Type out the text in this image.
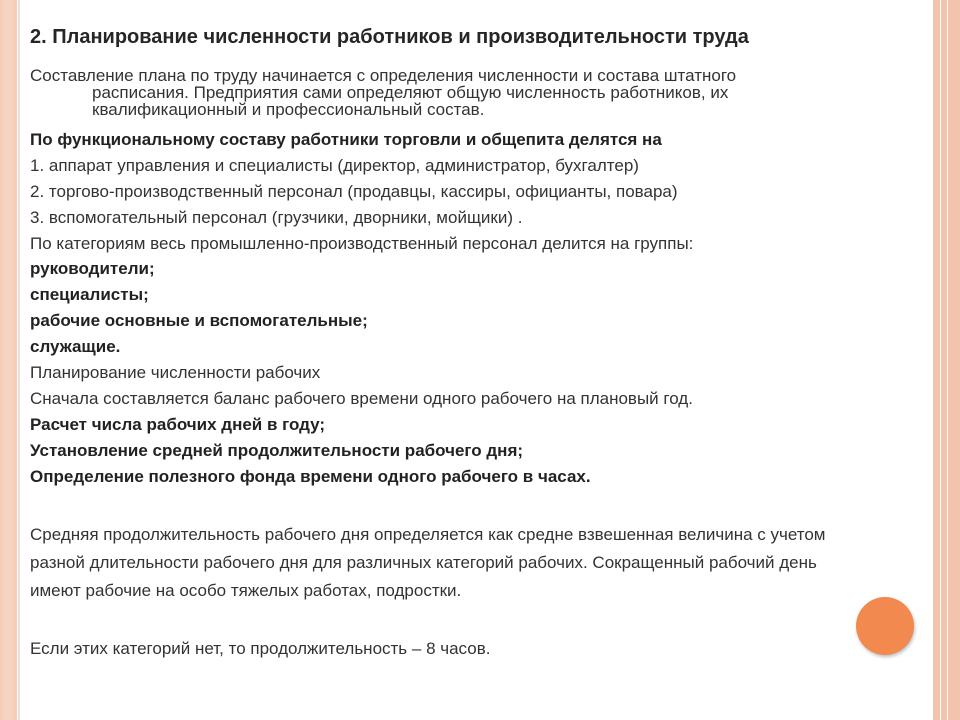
2. Планирование численности работников и производительности труда
Составление плана по труду начинается с определения численности и состава штатного
расписания. Предприятия сами определяют общую численность работников, их
квалификационный и профессиональный состав.
По функциональному составу работники торговли и общепита делятся на
1. аппарат управления и специалисты (директор, администратор, бухгалтер)
2. торгово-производственный персонал (продавцы, кассиры, официанты, повара)
3. вспомогательный персонал (грузчики, дворники, мойщики) .
По категориям весь промышленно-производственный персонал делится на группы:
руководители;
специалисты;
рабочие основные и вспомогательные;
служащие.
Планирование численности рабочих
Сначала составляется баланс рабочего времени одного рабочего на плановый год.
Расчет числа рабочих дней в году;
Установление средней продолжительности рабочего дня;
Определение полезного фонда времени одного рабочего в часах.
Средняя продолжительность рабочего дня определяется как средне взвешенная величина с учетом разной длительности рабочего дня для различных категорий рабочих. Сокращенный рабочий день имеют рабочие на особо тяжелых работах, подростки.
Если этих категорий нет, то продолжительность – 8 часов.
